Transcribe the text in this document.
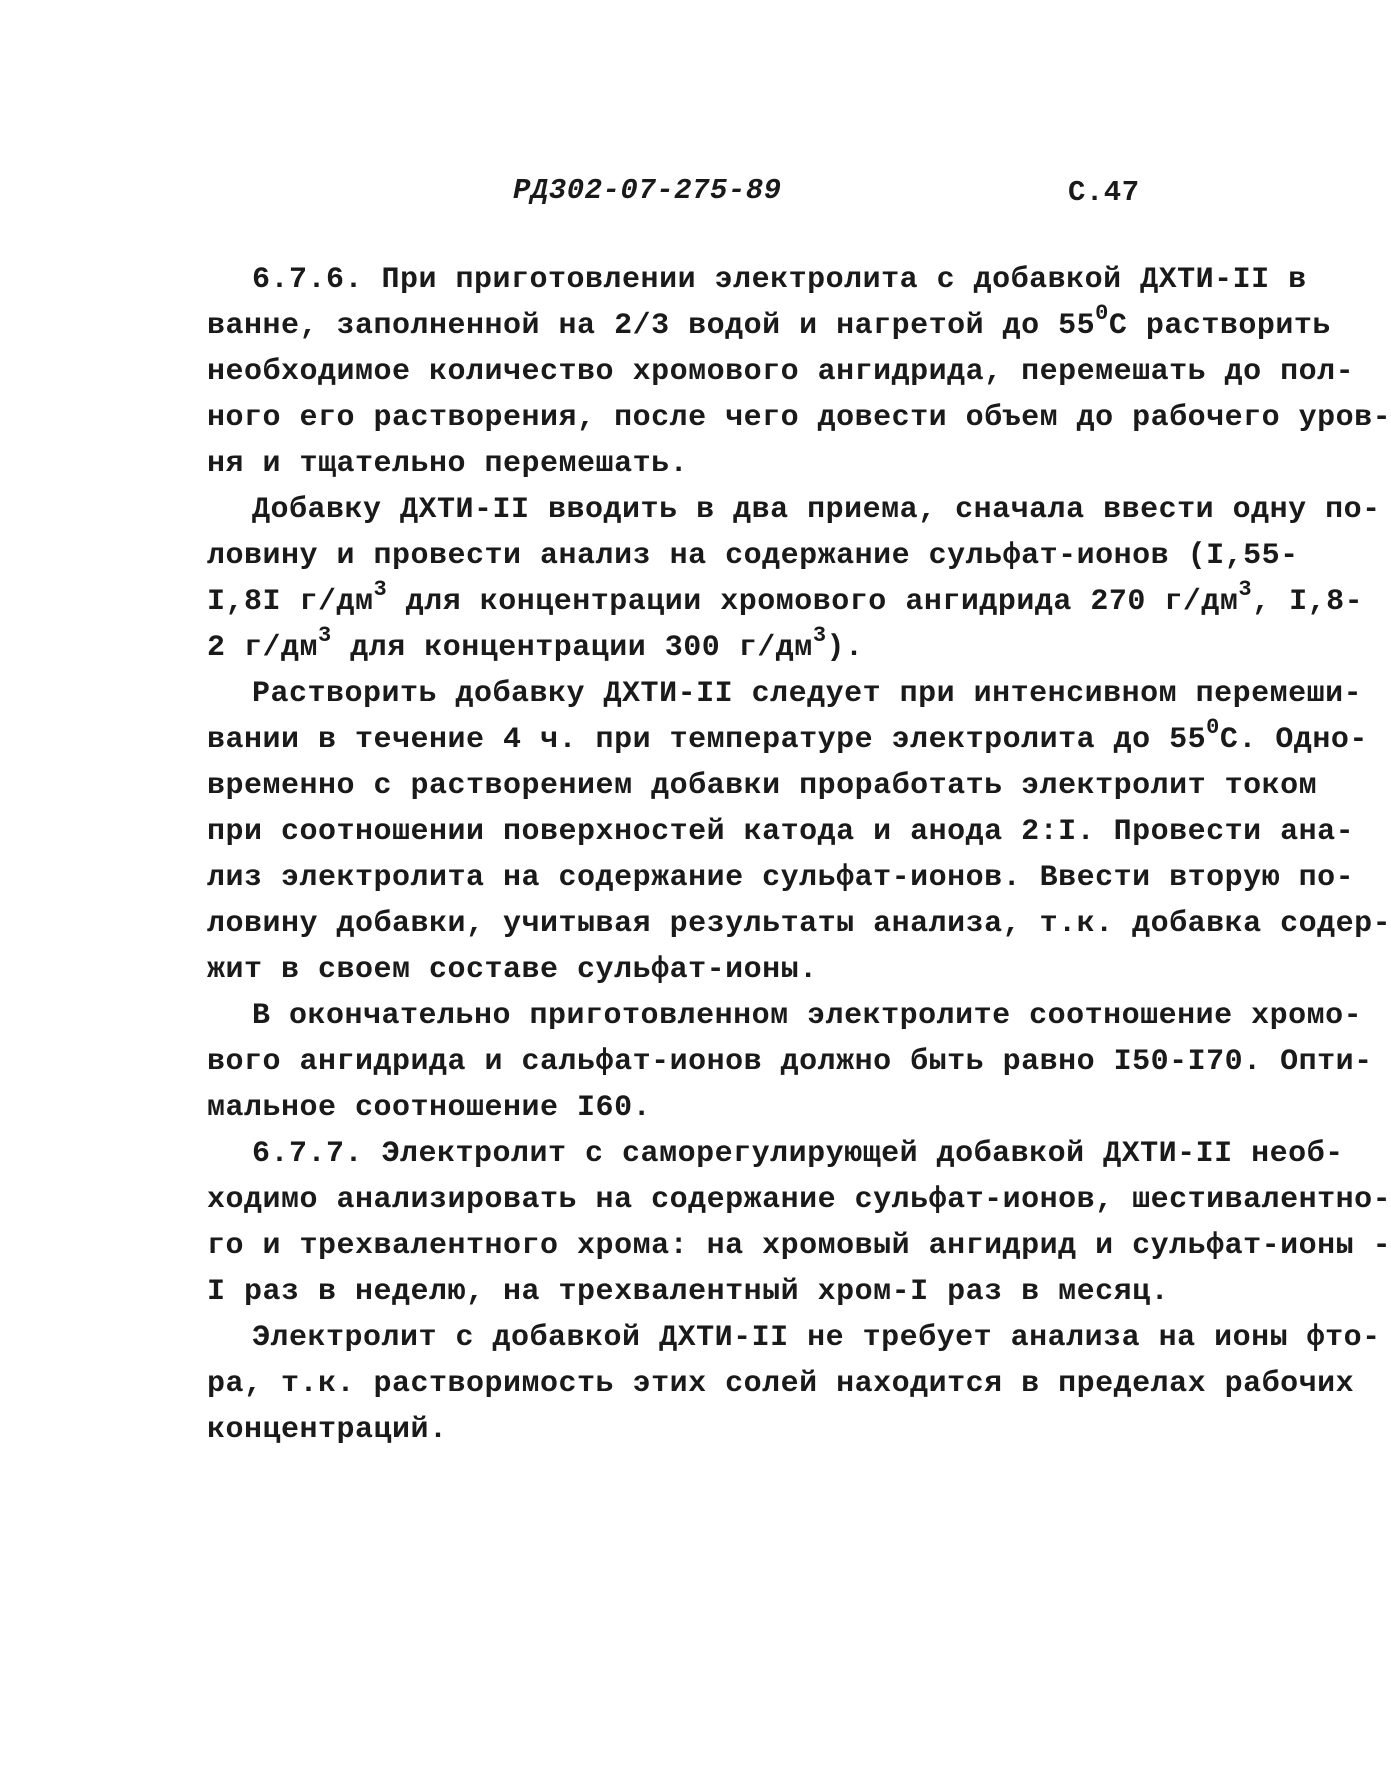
РД302-07-275-89	С.47
6.7.6. При приготовлении электролита с добавкой ДХТИ-II в
ванне, заполненной на 2/3 водой и нагретой до $55^0С$ растворить
необходимое количество хромового ангидрида, перемешать до пол-
ного его растворения, после чего довести объем до рабочего уров-
ня и тщательно перемешать.
Добавку ДХТИ-II вводить в два приема, сначала ввести одну по-
ловину и провести анализ на содержание сульфат-ионов (I,55-
I,8I $г/дм^3$ для концентрации хромового ангидрида 270 $г/дм^3$, I,8-
2 $г/дм^3$ для концентрации 300 $г/дм^3$).
Растворить добавку ДХТИ-II следует при интенсивном перемеши-
вании в течение 4 ч. при температуре электролита до $55^0С$. Одно-
временно с растворением добавки проработать электролит током
при соотношении поверхностей катода и анода 2:I. Провести ана-
лиз электролита на содержание сульфат-ионов. Ввести вторую по-
ловину добавки, учитывая результаты анализа, т.к. добавка содер-
жит в своем составе сульфат-ионы.
В окончательно приготовленном электролите соотношение хромо-
вого ангидрида и сальфат-ионов должно быть равно I50-I70. Опти-
мальное соотношение I60.
6.7.7. Электролит с саморегулирующей добавкой ДХТИ-II необ-
ходимо анализировать на содержание сульфат-ионов, шестивалентно-
го и трехвалентного хрома: на хромовый ангидрид и сульфат-ионы -
I раз в неделю, на трехвалентный хром-I раз в месяц.
Электролит с добавкой ДХТИ-II не требует анализа на ионы фто-
ра, т.к. растворимость этих солей находится в пределах рабочих
концентраций.
